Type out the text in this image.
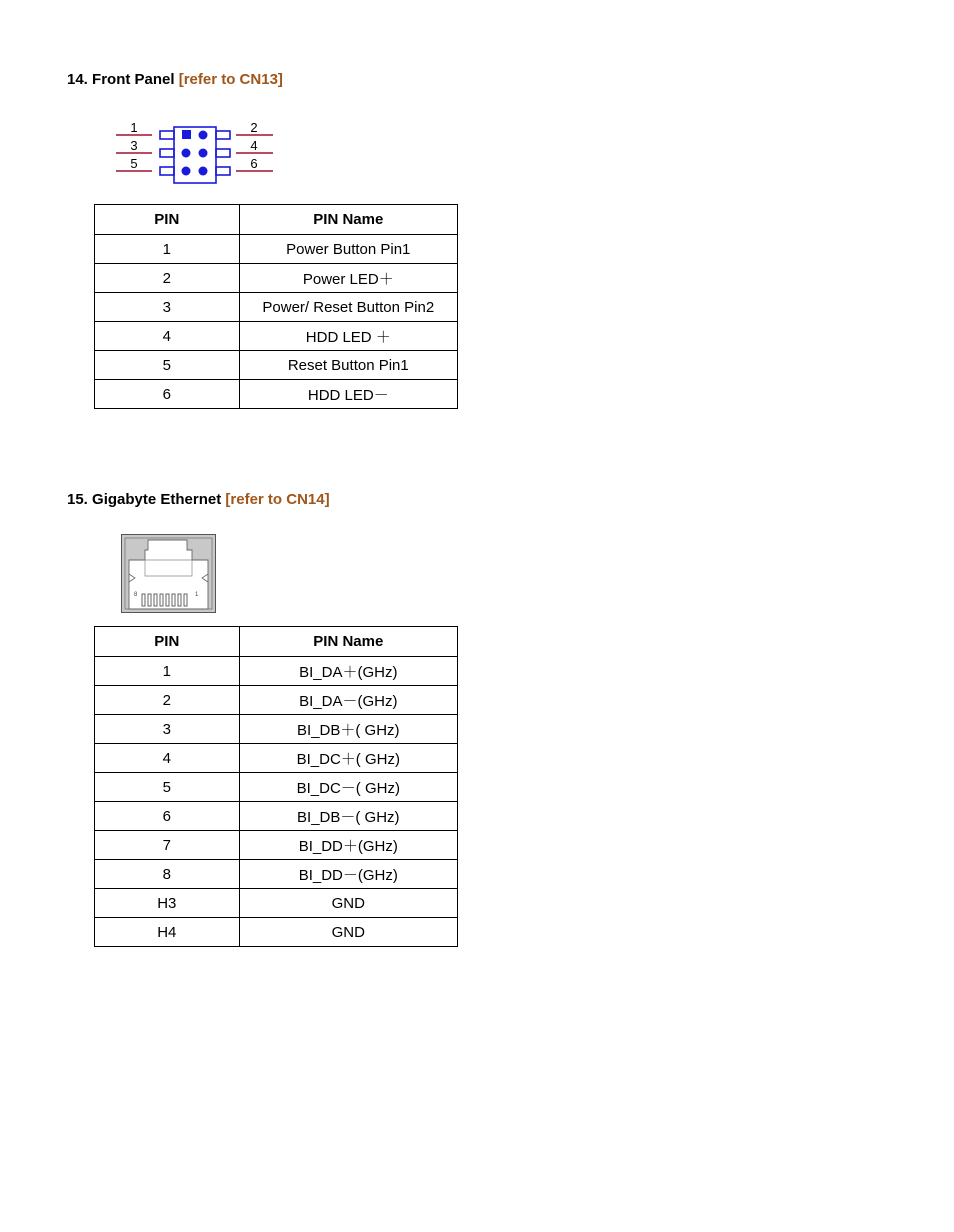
14. Front Panel [refer to CN13]
1
3
5
2
4
6
PIN	PIN Name
1	Power Button Pin1
2	Power LED＋
3	Power/ Reset Button Pin2
4	HDD LED ＋
5	Reset Button Pin1
6	HDD LED－
15. Gigabyte Ethernet [refer to CN14]
8	1
PIN	PIN Name
1	BI_DA＋(GHz)
2	BI_DA－(GHz)
3	BI_DB＋( GHz)
4	BI_DC＋( GHz)
5	BI_DC－( GHz)
6	BI_DB－( GHz)
7	BI_DD＋(GHz)
8	BI_DD－(GHz)
H3	GND
H4	GND
